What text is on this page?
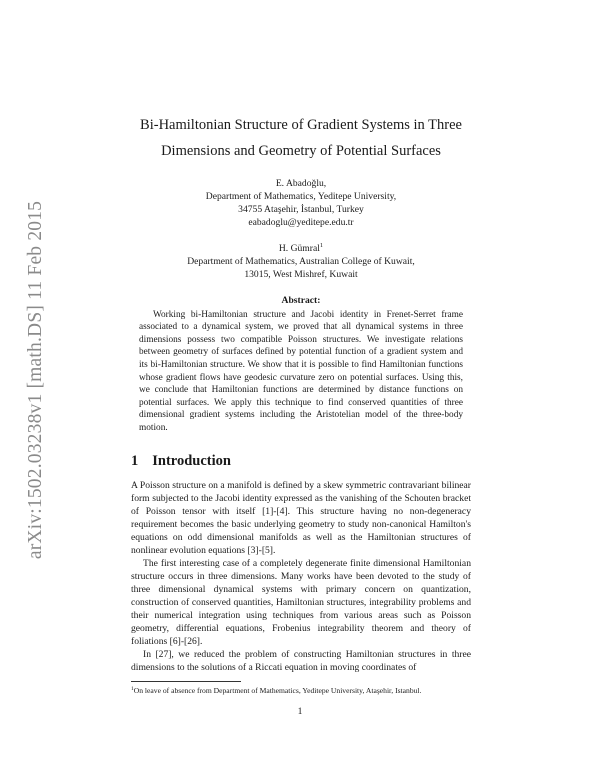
arXiv:1502.03238v1 [math.DS] 11 Feb 2015
Bi-Hamiltonian Structure of Gradient Systems in Three
Dimensions and Geometry of Potential Surfaces
E. Abadoğlu,
Department of Mathematics, Yeditepe University,
34755 Ataşehir, İstanbul, Turkey
eabadoglu@yeditepe.edu.tr
H. Gümral$^1$
Department of Mathematics, Australian College of Kuwait,
13015, West Mishref, Kuwait
Abstract:
Working bi-Hamiltonian structure and Jacobi identity in Frenet-Serret frame associated to a dynamical system, we proved that all dynamical systems in three dimensions possess two compatible Poisson structures. We investigate relations between geometry of surfaces defined by potential function of a gradient system and its bi-Hamiltonian structure. We show that it is possible to find Hamiltonian functions whose gradient flows have geodesic curvature zero on potential surfaces. Using this, we conclude that Hamiltonian functions are determined by distance functions on potential surfaces. We apply this technique to find conserved quantities of three dimensional gradient systems including the Aristotelian model of the three-body motion.
1 Introduction

A Poisson structure on a manifold is defined by a skew symmetric contravariant bilinear form subjected to the Jacobi identity expressed as the vanishing of the Schouten bracket of Poisson tensor with itself [1]-[4]. This structure having no non-degeneracy requirement becomes the basic underlying geometry to study non-canonical Hamilton's equations on odd dimensional manifolds as well as the Hamiltonian structures of nonlinear evolution equations [3]-[5].

The first interesting case of a completely degenerate finite dimensional Hamiltonian structure occurs in three dimensions. Many works have been devoted to the study of three dimensional dynamical systems with primary concern on quantization, construction of conserved quantities, Hamiltonian structures, integrability problems and their numerical integration using techniques from various areas such as Poisson geometry, differential equations, Frobenius integrability theorem and theory of foliations [6]-[26].

In [27], we reduced the problem of constructing Hamiltonian structures in three dimensions to the solutions of a Riccati equation in moving coordinates of

$^1$On leave of absence from Department of Mathematics, Yeditepe University, Ataşehir, Istanbul.
1
